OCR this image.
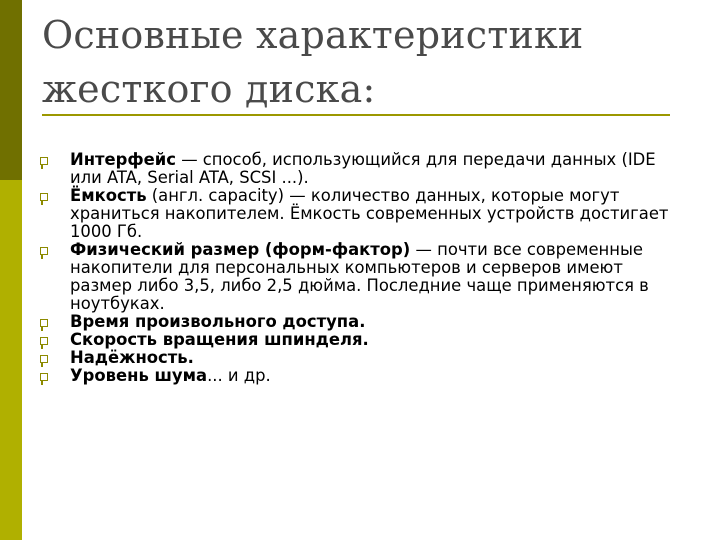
Основные характеристики
жесткого диска:
Интерфейс — способ, использующийся для передачи данных (IDE или ATA, Serial ATA, SCSI ...).
Ёмкость (англ. capacity) — количество данных, которые могут храниться накопителем. Ёмкость современных устройств достигает 1000 Гб.
Физический размер (форм-фактор) — почти все современные накопители для персональных компьютеров и серверов имеют размер либо 3,5, либо 2,5 дюйма. Последние чаще применяются в ноутбуках.
Время произвольного доступа.
Скорость вращения шпинделя.
Надёжность.
Уровень шума... и др.
